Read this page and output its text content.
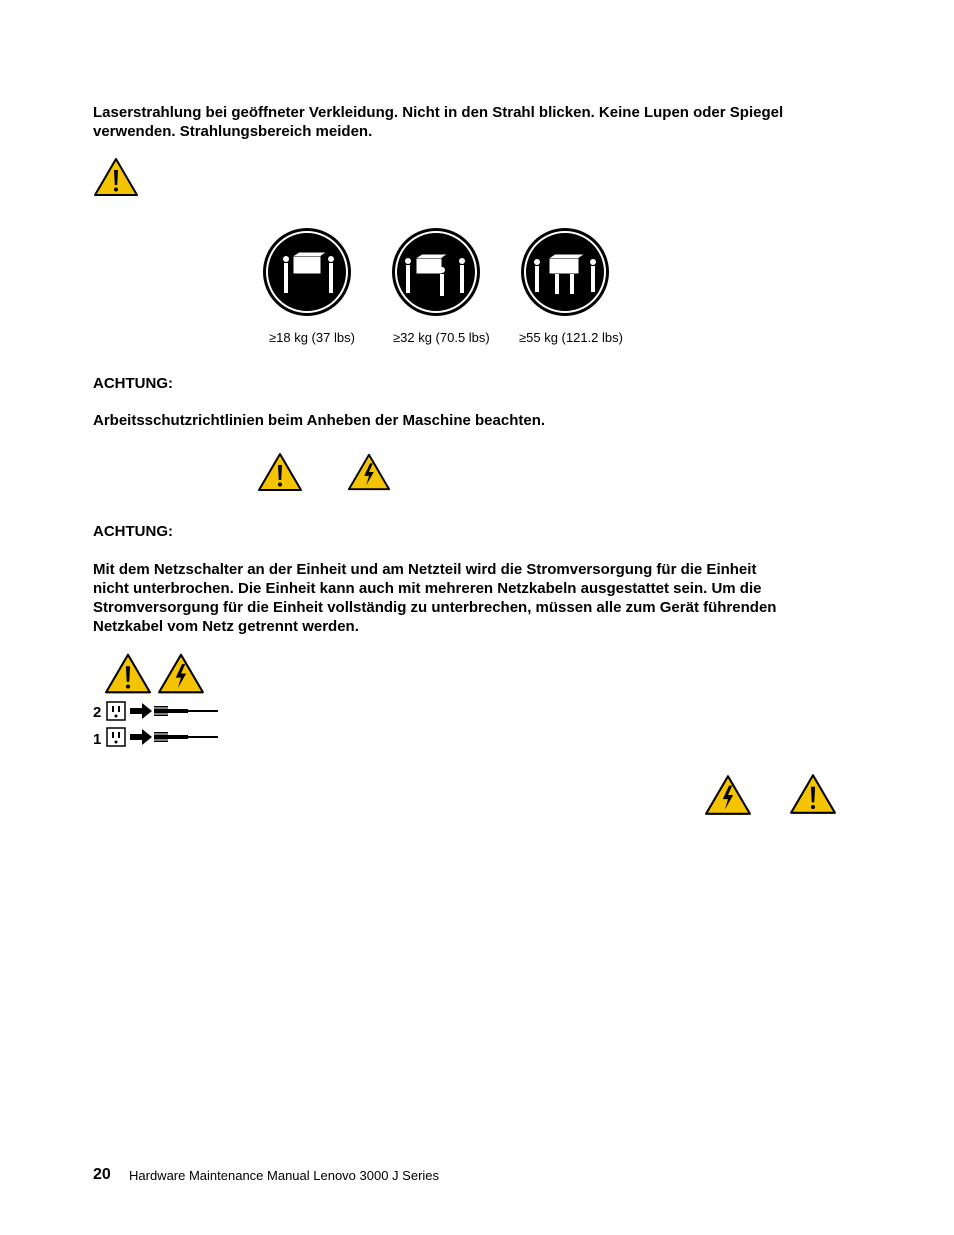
Laserstrahlung bei geöffneter Verkleidung. Nicht in den Strahl blicken. Keine Lupen oder Spiegel
verwenden. Strahlungsbereich meiden.
≥18 kg (37 lbs)	≥32 kg (70.5 lbs) ≥55 kg (121.2 lbs)
ACHTUNG:
Arbeitsschutzrichtlinien beim Anheben der Maschine beachten.
ACHTUNG:
Mit dem Netzschalter an der Einheit und am Netzteil wird die Stromversorgung für die Einheit
nicht unterbrochen. Die Einheit kann auch mit mehreren Netzkabeln ausgestattet sein. Um die
Stromversorgung für die Einheit vollständig zu unterbrechen, müssen alle zum Gerät führenden
Netzkabel vom Netz getrennt werden.
2
1
20 Hardware Maintenance Manual Lenovo 3000 J Series
